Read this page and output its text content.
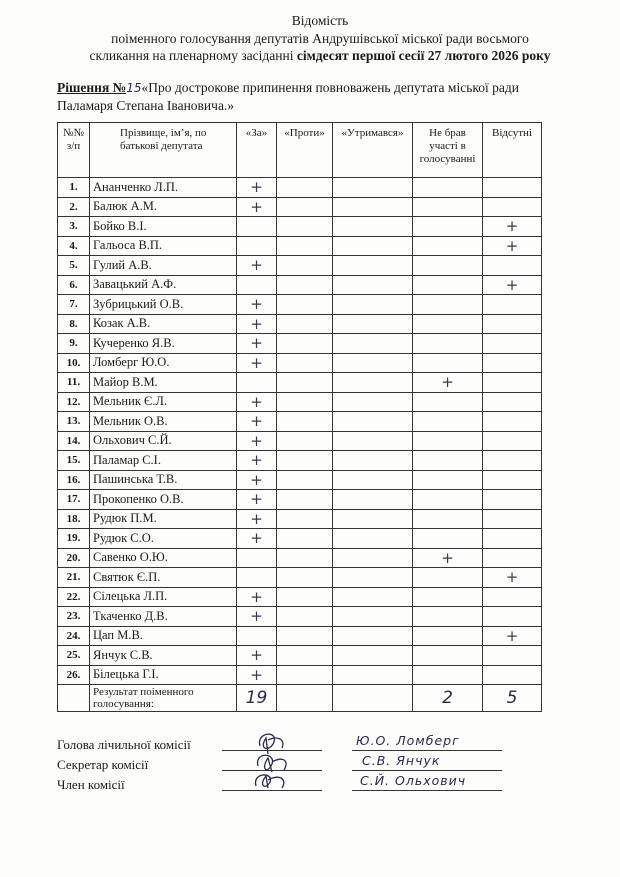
Відомість
поіменного голосування депутатів Андрушівської міської ради восьмого
скликання на пленарному засіданні сімдесят першої сесії 27 лютого 2026 року
Рішення №15«Про дострокове припинення повноважень депутата міської ради
Паламаря Степана Івановича.»
№№ з/п	Прізвище, ім’я, по батькові депутата	«За»	«Проти»	«Утримався»	Не брав участі в голосуванні	Відсутні
1.	Ананченко Л.П.	+				
2.	Балюк А.М.	+				
3.	Бойко В.І.					+
4.	Гальоса В.П.					+
5.	Гулий А.В.	+				
6.	Завацький А.Ф.					+
7.	Зубрицький О.В.	+				
8.	Козак А.В.	+				
9.	Кучеренко Я.В.	+				
10.	Ломберг Ю.О.	+				
11.	Майор В.М.				+	
12.	Мельник Є.Л.	+				
13.	Мельник О.В.	+				
14.	Ольхович С.Й.	+				
15.	Паламар С.І.	+				
16.	Пашинська Т.В.	+				
17.	Прокопенко О.В.	+				
18.	Рудюк П.М.	+				
19.	Рудюк С.О.	+				
20.	Савенко О.Ю.				+	
21.	Святюк Є.П.					+
22.	Сілецька Л.П.	+				
23.	Ткаченко Д.В.	+				
24.	Цап М.В.					+
25.	Янчук С.В.	+				
26.	Білецька Г.І.	+				
	Результат поіменного голосування:	19			2	5
Голова лічильної комісії
Секретар комісії
Член комісії
Ю.О. Ломберг
С.В. Янчук
С.Й. Ольхович
